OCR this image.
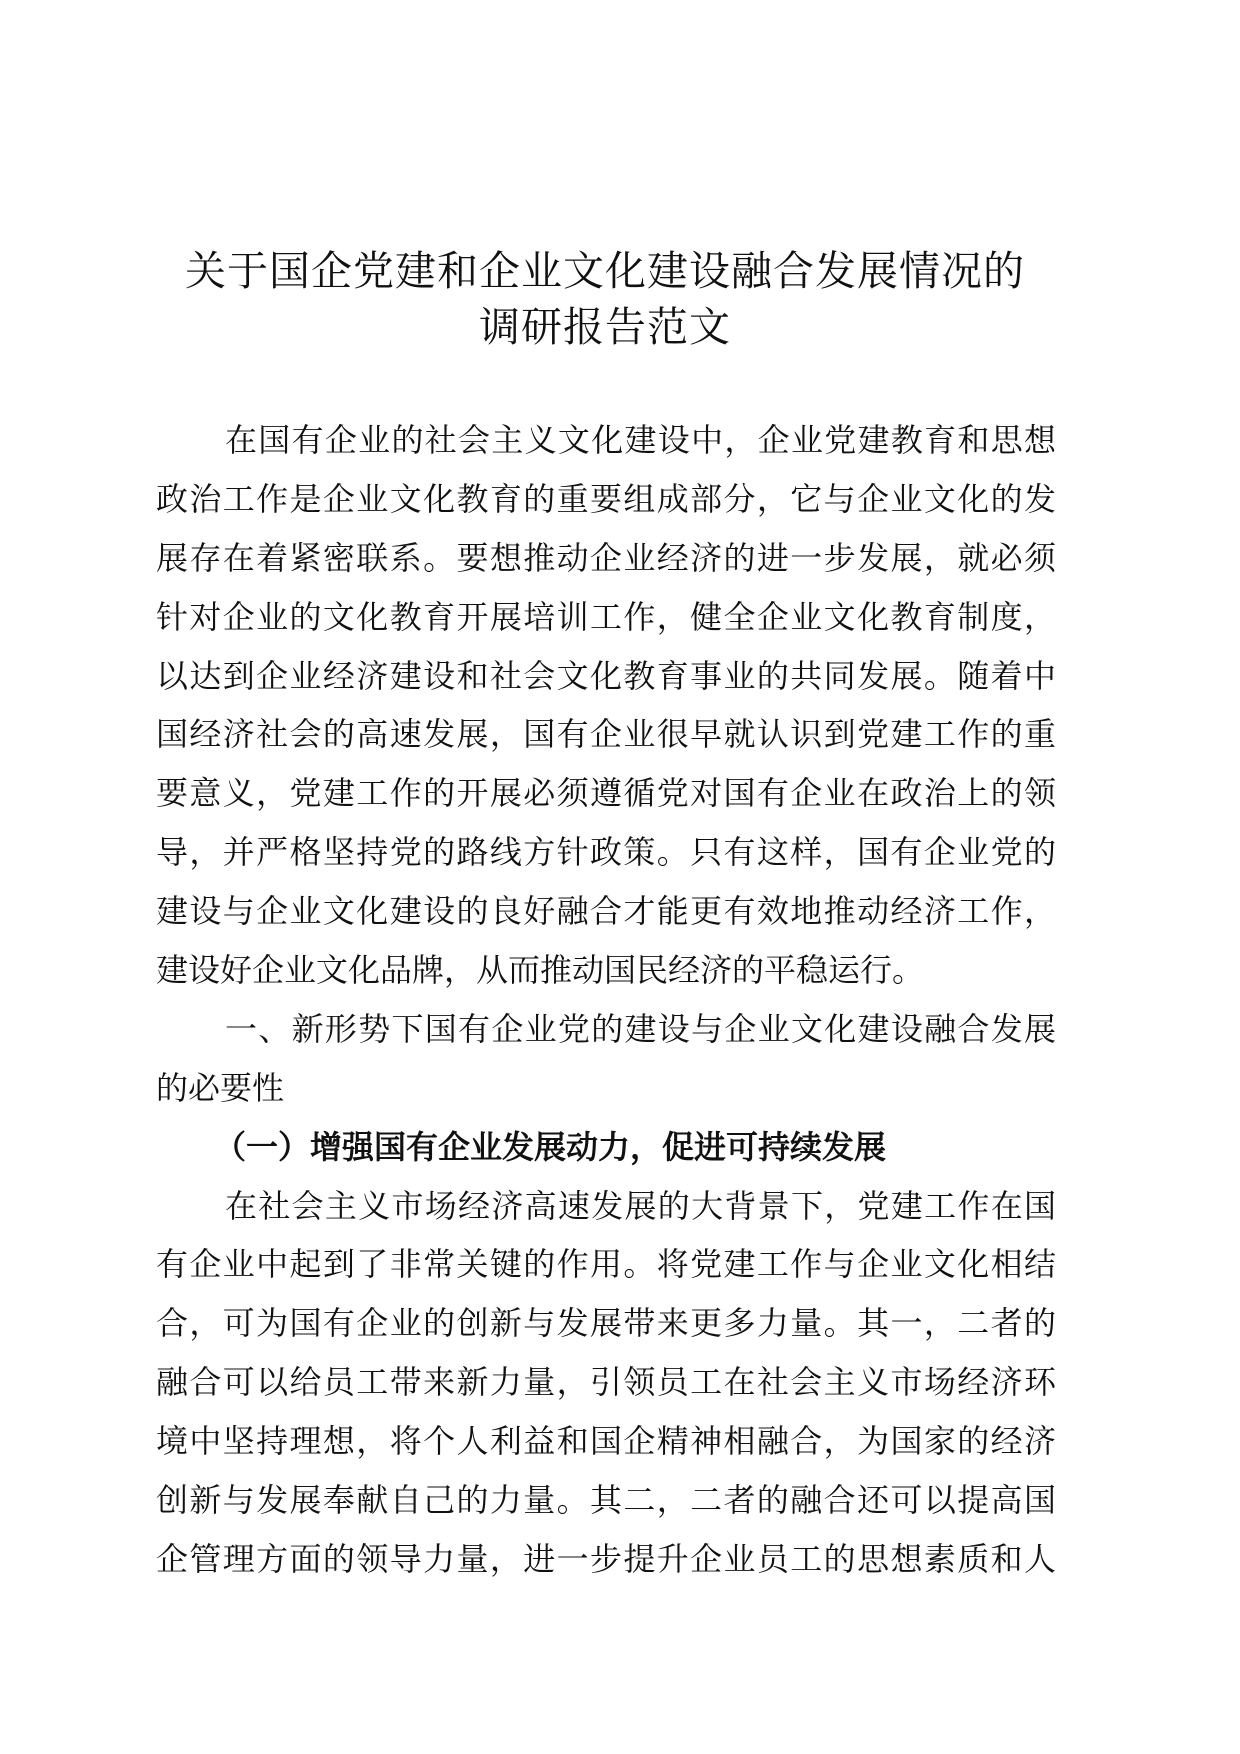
关于国企党建和企业文化建设融合发展情况的
调研报告范文
在国有企业的社会主义文化建设中，企业党建教育和思想
政治工作是企业文化教育的重要组成部分，它与企业文化的发
展存在着紧密联系。要想推动企业经济的进一步发展，就必须
针对企业的文化教育开展培训工作，健全企业文化教育制度，
以达到企业经济建设和社会文化教育事业的共同发展。随着中
国经济社会的高速发展，国有企业很早就认识到党建工作的重
要意义，党建工作的开展必须遵循党对国有企业在政治上的领
导，并严格坚持党的路线方针政策。只有这样，国有企业党的
建设与企业文化建设的良好融合才能更有效地推动经济工作，
建设好企业文化品牌，从而推动国民经济的平稳运行。
一、新形势下国有企业党的建设与企业文化建设融合发展
的必要性
（一）增强国有企业发展动力，促进可持续发展
在社会主义市场经济高速发展的大背景下，党建工作在国
有企业中起到了非常关键的作用。将党建工作与企业文化相结
合，可为国有企业的创新与发展带来更多力量。其一，二者的
融合可以给员工带来新力量，引领员工在社会主义市场经济环
境中坚持理想，将个人利益和国企精神相融合，为国家的经济
创新与发展奉献自己的力量。其二，二者的融合还可以提高国
企管理方面的领导力量，进一步提升企业员工的思想素质和人
